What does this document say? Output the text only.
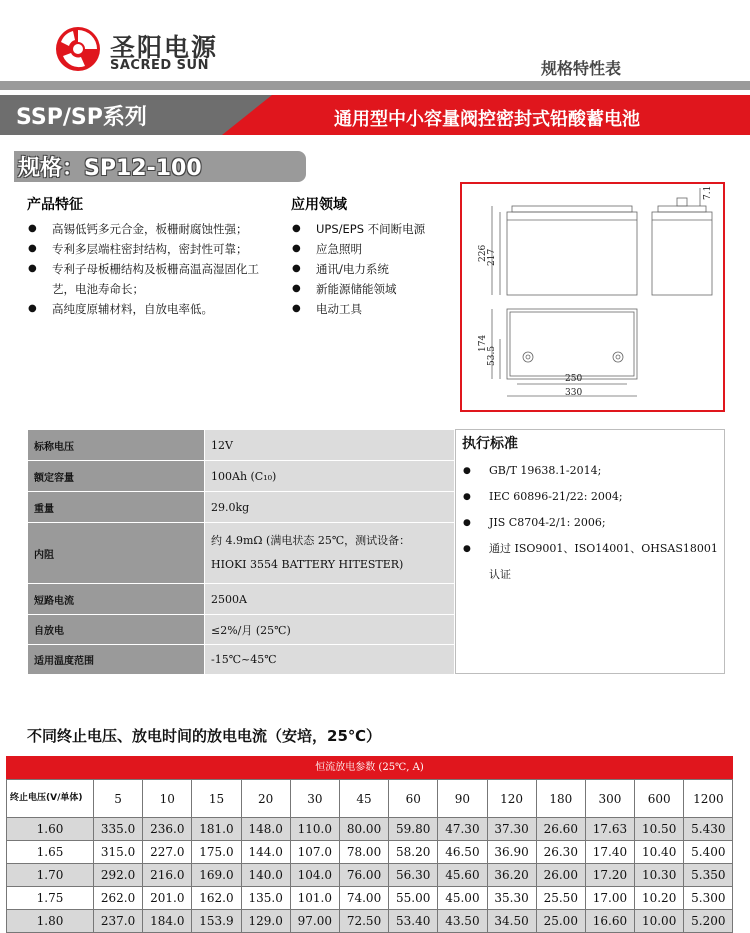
圣阳电源
SACRED SUN	规格特性表
SSP/SP系列	通用型中小容量阀控密封式铅酸蓄电池
规格：SP12-100
产品特征
● 高锡低钙多元合金，板栅耐腐蚀性强；
● 专利多层端柱密封结构，密封性可靠；
● 专利子母板栅结构及板栅高温高湿固化工艺，电池寿命长；
● 高纯度原辅材料，自放电率低。
应用领域
● UPS/EPS 不间断电源
● 应急照明
● 通讯/电力系统
● 新能源储能领域
● 电动工具
226 217
174
53.5
250
330
7.1
标称电压	12V
额定容量	100Ah (C₁₀)
重量	29.0kg
内阻	约 4.9mΩ (满电状态 25℃，测试设备：
HIOKI 3554 BATTERY HITESTER)

短路电流	2500A
自放电	≤2%/月 (25℃)
适用温度范围	-15℃~45℃
执行标准
● GB/T 19638.1-2014;
● IEC 60896-21/22: 2004;
● JIS C8704-2/1: 2006;
● 通过 ISO9001、ISO14001、OHSAS18001 认证
不同终止电压、放电时间的放电电流（安培，25℃）
恒流放电参数 (25℃, A)
终止电压(V/单体)	5	10	15	20	30	45	60	90	120	180	300	600	1200
1.60	335.0	236.0	181.0	148.0	110.0	80.00	59.80	47.30	37.30	26.60	17.63	10.50	5.430
1.65	315.0	227.0	175.0	144.0	107.0	78.00	58.20	46.50	36.90	26.30	17.40	10.40	5.400
1.70	292.0	216.0	169.0	140.0	104.0	76.00	56.30	45.60	36.20	26.00	17.20	10.30	5.350
1.75	262.0	201.0	162.0	135.0	101.0	74.00	55.00	45.00	35.30	25.50	17.00	10.20	5.300
1.80	237.0	184.0	153.9	129.0	97.00	72.50	53.40	43.50	34.50	25.00	16.60	10.00	5.200
